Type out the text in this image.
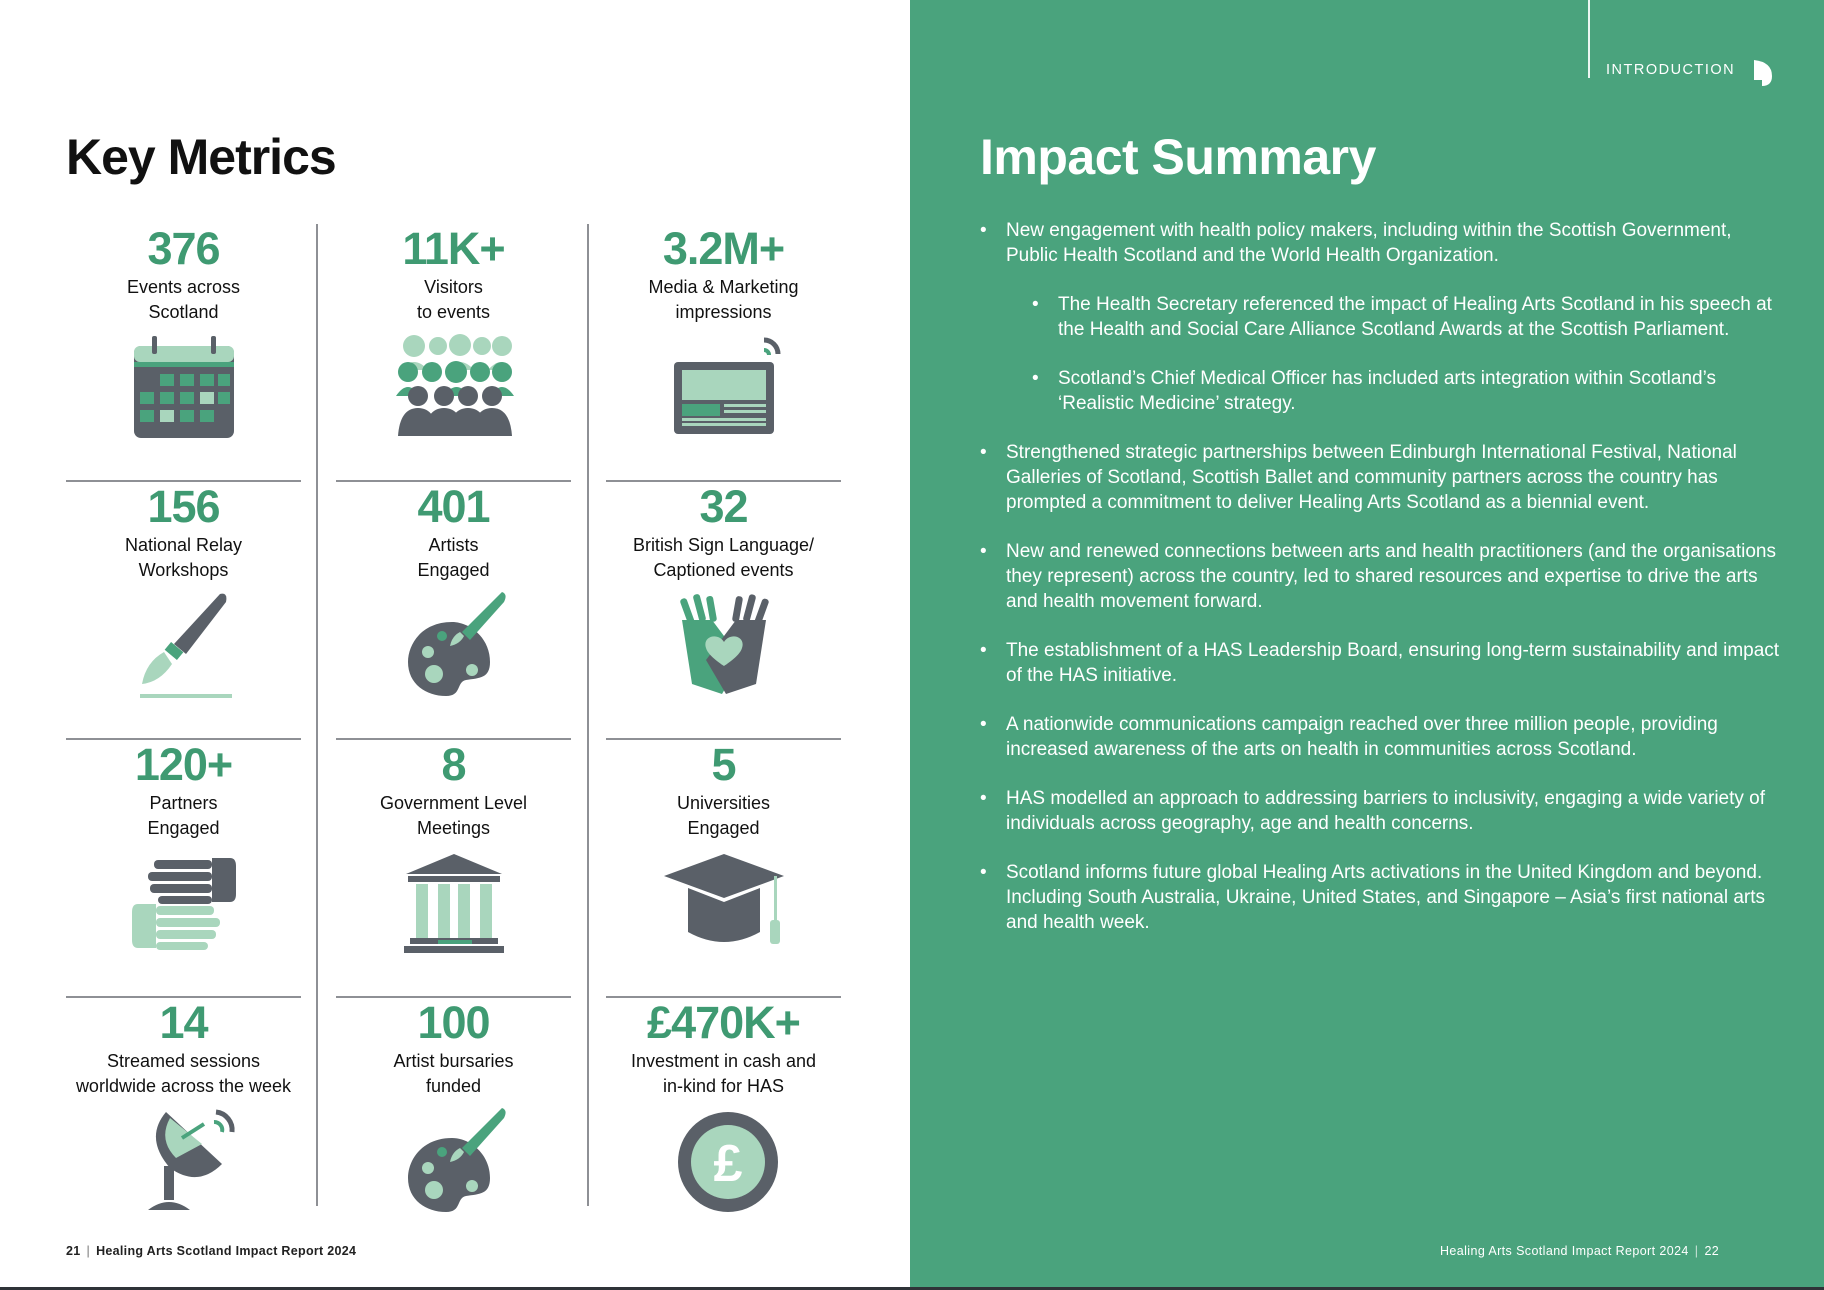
Key Metrics
376
Events across
Scotland
11K+
Visitors
to events
3.2M+
Media & Marketing
impressions
156
National Relay
Workshops
401
Artists
Engaged
32
British Sign Language/
Captioned events
120+
Partners
Engaged
8
Government Level
Meetings
5
Universities
Engaged
14
Streamed sessions
worldwide across the week
100
Artist bursaries
funded
£470K+
Investment in cash and
in-kind for HAS
£
21 | Healing Arts Scotland Impact Report 2024
INTRODUCTION
Impact Summary
• New engagement with health policy makers, including within the Scottish Government, Public Health Scotland and the World Health Organization.
• The Health Secretary referenced the impact of Healing Arts Scotland in his speech at the Health and Social Care Alliance Scotland Awards at the Scottish Parliament.
• Scotland’s Chief Medical Officer has included arts integration within Scotland’s ‘Realistic Medicine’ strategy.
• Strengthened strategic partnerships between Edinburgh International Festival, National Galleries of Scotland, Scottish Ballet and community partners across the country has prompted a commitment to deliver Healing Arts Scotland as a biennial event.
• New and renewed connections between arts and health practitioners (and the organisations they represent) across the country, led to shared resources and expertise to drive the arts and health movement forward.
• The establishment of a HAS Leadership Board, ensuring long-term sustainability and impact of the HAS initiative.
• A nationwide communications campaign reached over three million people, providing increased awareness of the arts on health in communities across Scotland.
• HAS modelled an approach to addressing barriers to inclusivity, engaging a wide variety of individuals across geography, age and health concerns.
• Scotland informs future global Healing Arts activations in the United Kingdom and beyond. Including South Australia, Ukraine, United States, and Singapore – Asia’s first national arts and health week.
Healing Arts Scotland Impact Report 2024 | 22
